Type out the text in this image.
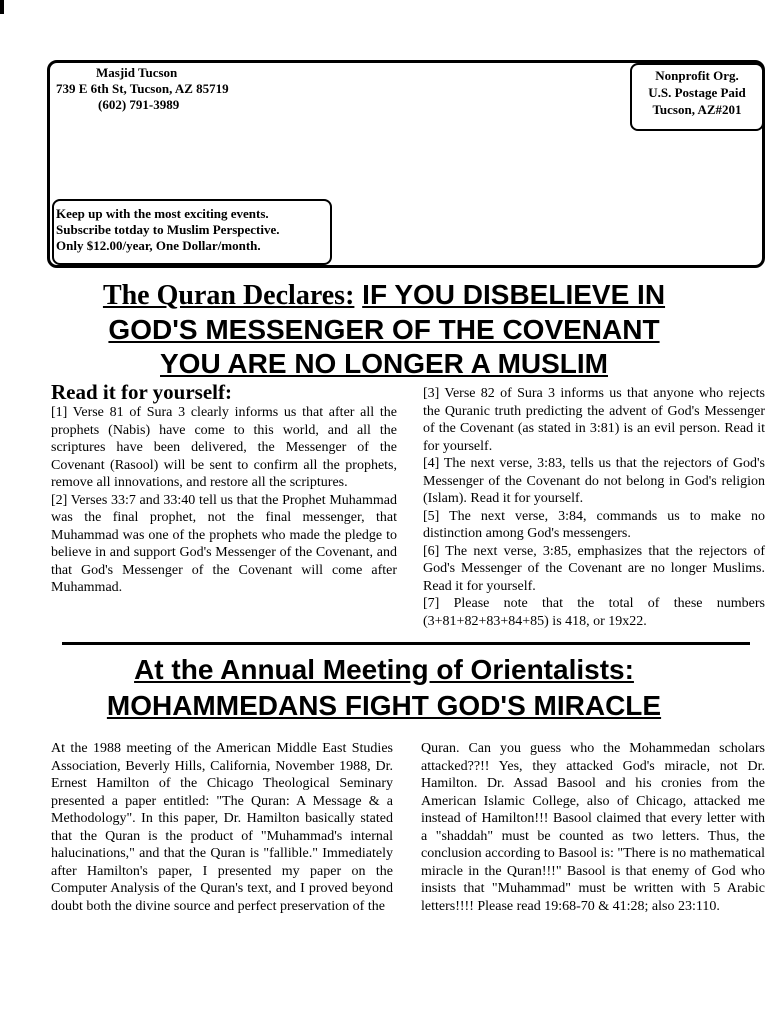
Masjid Tucson
739 E 6th St, Tucson, AZ 85719
(602) 791-3989
Nonprofit Org.
U.S. Postage Paid
Tucson, AZ#201
Keep up with the most exciting events.
Subscribe totday to Muslim Perspective.
Only $12.00/year, One Dollar/month.
The Quran Declares: IF YOU DISBELIEVE IN
GOD'S MESSENGER OF THE COVENANT
YOU ARE NO LONGER A MUSLIM

Read it for yourself:

[1] Verse 81 of Sura 3 clearly informs us that after all the prophets (Nabis) have come to this world, and all the scriptures have been delivered, the Messenger of the Covenant (Rasool) will be sent to confirm all the prophets, remove all innovations, and restore all the scriptures.

[2] Verses 33:7 and 33:40 tell us that the Prophet Muhammad was the final prophet, not the final messenger, that Muhammad was one of the prophets who made the pledge to believe in and support God's Messenger of the Covenant, and that God's Messenger of the Covenant will come after Muhammad.

[3] Verse 82 of Sura 3 informs us that anyone who rejects the Quranic truth predicting the advent of God's Messenger of the Covenant (as stated in 3:81) is an evil person. Read it for yourself.

[4] The next verse, 3:83, tells us that the rejectors of God's Messenger of the Covenant do not belong in God's religion (Islam). Read it for yourself.

[5] The next verse, 3:84, commands us to make no distinction among God's messengers.

[6] The next verse, 3:85, emphasizes that the rejectors of God's Messenger of the Covenant are no longer Muslims. Read it for yourself.

[7] Please note that the total of these numbers (3+81+82+83+84+85) is 418, or 19x22.

At the Annual Meeting of Orientalists:
MOHAMMEDANS FIGHT GOD'S MIRACLE

At the 1988 meeting of the American Middle East Studies Association, Beverly Hills, California, November 1988, Dr. Ernest Hamilton of the Chicago Theological Seminary presented a paper entitled: "The Quran: A Message & a Methodology". In this paper, Dr. Hamilton basically stated that the Quran is the product of "Muhammad's internal halucinations," and that the Quran is "fallible." Immediately after Hamilton's paper, I presented my paper on the Computer Analysis of the Quran's text, and I proved beyond doubt both the divine source and perfect preservation of the

Quran. Can you guess who the Mohammedan scholars attacked??!! Yes, they attacked God's miracle, not Dr. Hamilton. Dr. Assad Basool and his cronies from the American Islamic College, also of Chicago, attacked me instead of Hamilton!!! Basool claimed that every letter with a "shaddah" must be counted as two letters. Thus, the conclusion according to Basool is: "There is no mathematical miracle in the Quran!!!" Basool is that enemy of God who insists that "Muhammad" must be written with 5 Arabic letters!!!! Please read 19:68-70 & 41:28; also 23:110.
